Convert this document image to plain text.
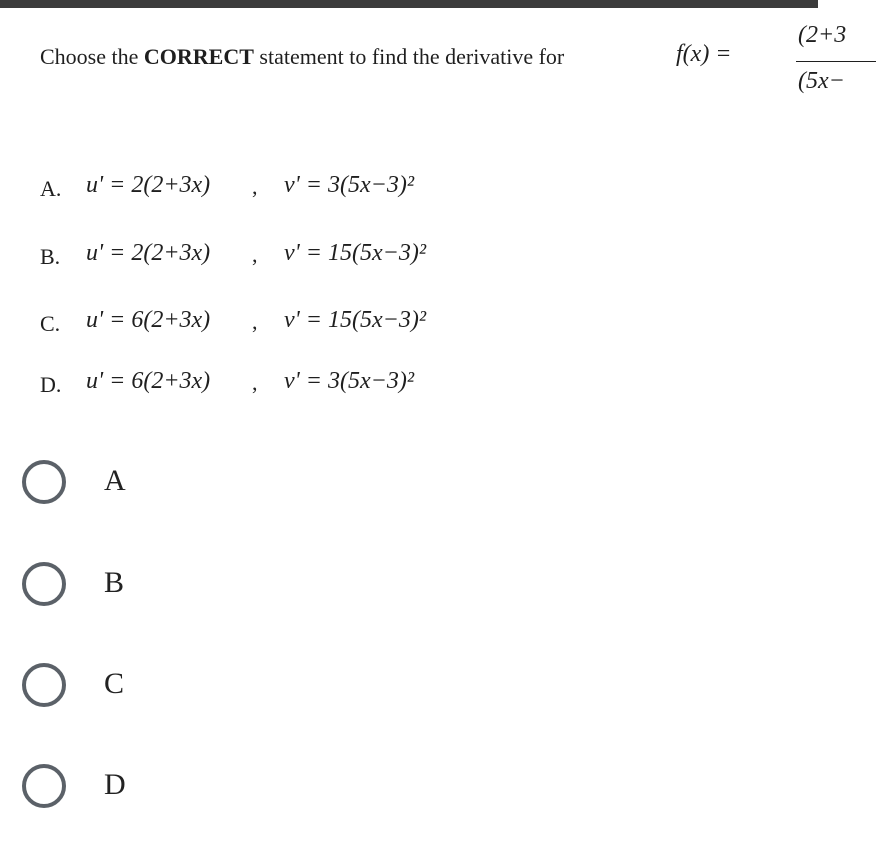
Choose the CORRECT statement to find the derivative for	f(x) =
(2+3
(5x−
A. u' = 2(2+3x) , v' = 3(5x−3)²
B. u' = 2(2+3x) , v' = 15(5x−3)²
C. u' = 6(2+3x) , v' = 15(5x−3)²
D. u' = 6(2+3x) , v' = 3(5x−3)²
A
B
C
D
